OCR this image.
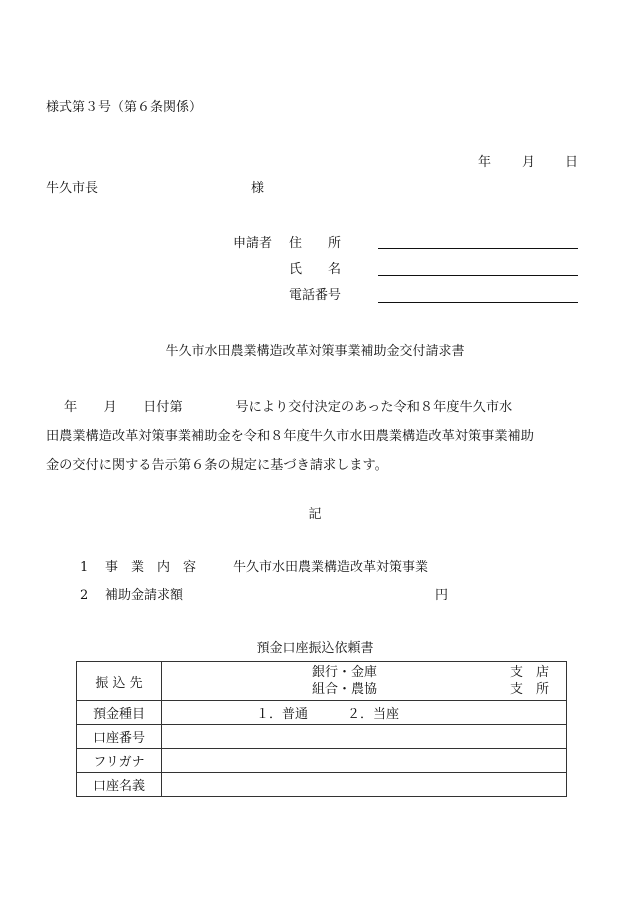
様式第３号（第６条関係）
年 月 日
牛久市長	様
申請者 住　　所
氏　　名
電話番号
牛久市水田農業構造改革対策事業補助金交付請求書

年　　月　　日付第　　　　号により交付決定のあった令和８年度牛久市水

田農業構造改革対策事業補助金を令和８年度牛久市水田農業構造改革対策事業補助

金の交付に関する告示第６条の規定に基づき請求します。

記
1 事　業　内　容	牛久市水田農業構造改革対策事業
2 補助金請求額	円
預金口座振込依頼書
振 込 先	銀行・金庫
組合・農協
支　店
支　所

預金種目	１．普通　　　２．当座
口座番号	
フリガナ	
口座名義	
